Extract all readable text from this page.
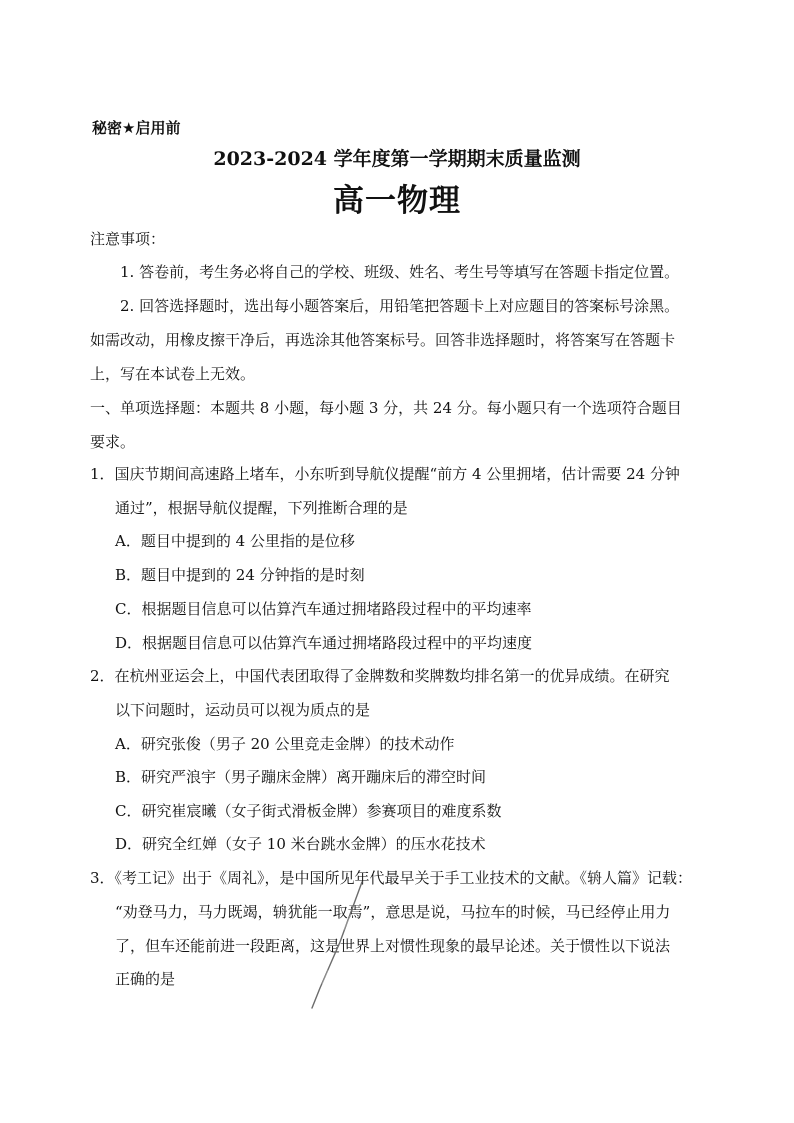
秘密★启用前
2023-2024 学年度第一学期期末质量监测
高一物理
注意事项：
1. 答卷前，考生务必将自己的学校、班级、姓名、考生号等填写在答题卡指定位置。
2. 回答选择题时，选出每小题答案后，用铅笔把答题卡上对应题目的答案标号涂黑。
如需改动，用橡皮擦干净后，再选涂其他答案标号。回答非选择题时，将答案写在答题卡
上，写在本试卷上无效。
一、单项选择题：本题共 8 小题，每小题 3 分，共 24 分。每小题只有一个选项符合题目
要求。
1．国庆节期间高速路上堵车，小东听到导航仪提醒“前方 4 公里拥堵，估计需要 24 分钟
通过”，根据导航仪提醒，下列推断合理的是
A．题目中提到的 4 公里指的是位移
B．题目中提到的 24 分钟指的是时刻
C．根据题目信息可以估算汽车通过拥堵路段过程中的平均速率
D．根据题目信息可以估算汽车通过拥堵路段过程中的平均速度
2．在杭州亚运会上，中国代表团取得了金牌数和奖牌数均排名第一的优异成绩。在研究
以下问题时，运动员可以视为质点的是
A．研究张俊（男子 20 公里竞走金牌）的技术动作
B．研究严浪宇（男子蹦床金牌）离开蹦床后的滞空时间
C．研究崔宸曦（女子街式滑板金牌）参赛项目的难度系数
D．研究全红婵（女子 10 米台跳水金牌）的压水花技术
3．《考工记》出于《周礼》，是中国所见年代最早关于手工业技术的文献。《辀人篇》记载：
“劝登马力，马力既竭，辀犹能一取焉”，意思是说，马拉车的时候，马已经停止用力
了，但车还能前进一段距离，这是世界上对惯性现象的最早论述。关于惯性以下说法
正确的是
